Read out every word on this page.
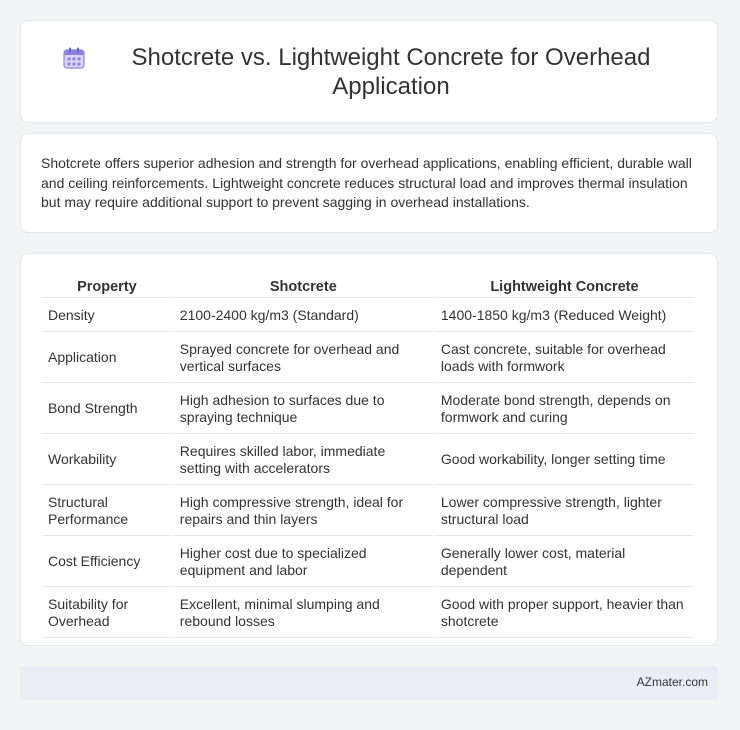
Shotcrete vs. Lightweight Concrete for Overhead Application

Shotcrete offers superior adhesion and strength for overhead applications, enabling efficient, durable wall and ceiling reinforcements. Lightweight concrete reduces structural load and improves thermal insulation but may require additional support to prevent sagging in overhead installations.

Property	Shotcrete	Lightweight Concrete
Density	2100-2400 kg/m3 (Standard)	1400-1850 kg/m3 (Reduced Weight)
Application	Sprayed concrete for overhead and vertical surfaces	Cast concrete, suitable for overhead loads with formwork
Bond Strength	High adhesion to surfaces due to spraying technique	Moderate bond strength, depends on formwork and curing
Workability	Requires skilled labor, immediate setting with accelerators	Good workability, longer setting time
Structural Performance	High compressive strength, ideal for repairs and thin layers	Lower compressive strength, lighter structural load
Cost Efficiency	Higher cost due to specialized equipment and labor	Generally lower cost, material dependent
Suitability for Overhead	Excellent, minimal slumping and rebound losses	Good with proper support, heavier than shotcrete
AZmater.com
